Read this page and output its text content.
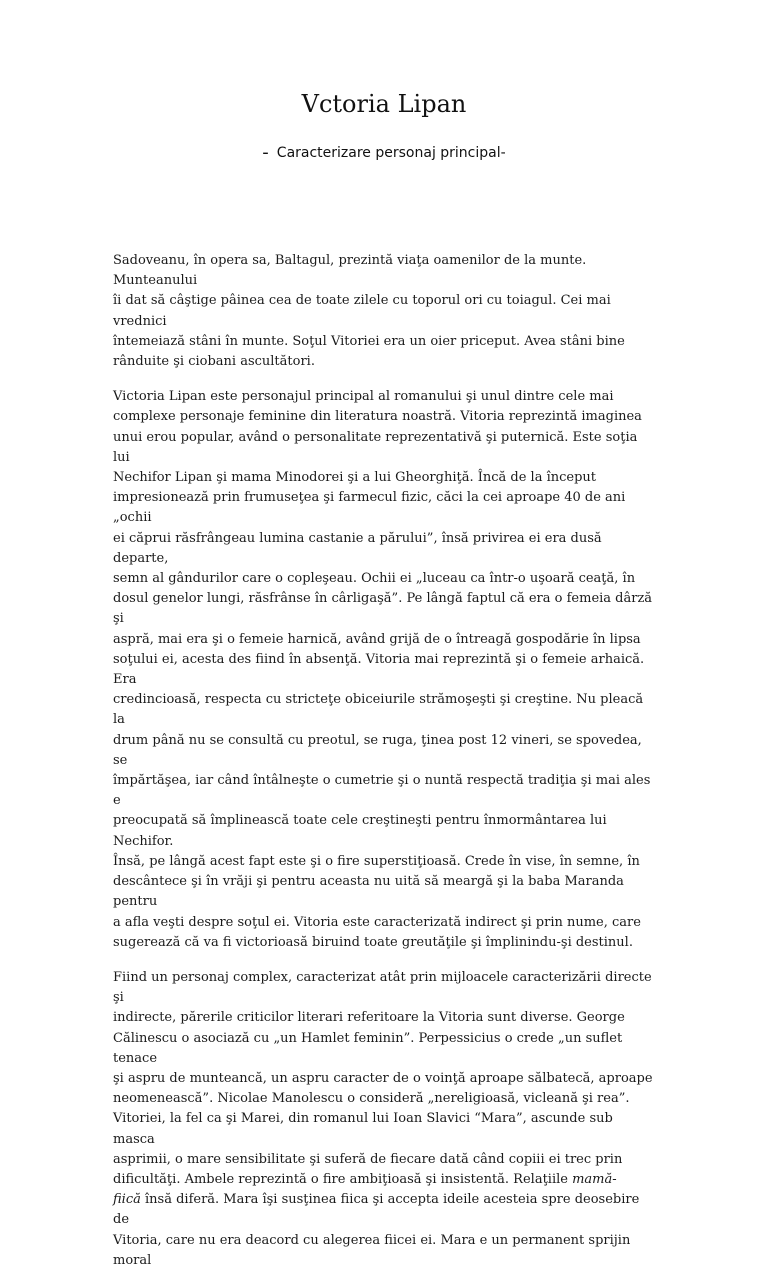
Vctoria Lipan
- Caracterizare personaj principal-

Sadoveanu, în opera sa, Baltagul, prezintă viaţa oamenilor de la munte. Munteanului
îi dat să câştige pâinea cea de toate zilele cu toporul ori cu toiagul. Cei mai vrednici
întemeiază stâni în munte. Soţul Vitoriei era un oier priceput. Avea stâni bine
rânduite şi ciobani ascultători.

Victoria Lipan este personajul principal al romanului şi unul dintre cele mai
complexe personaje feminine din literatura noastră. Vitoria reprezintă imaginea
unui erou popular, având o personalitate reprezentativă şi puternică. Este soţia lui
Nechifor Lipan şi mama Minodorei şi a lui Gheorghiţă. Încă de la început
impresionează prin frumuseţea şi farmecul fizic, căci la cei aproape 40 de ani „ochii
ei căprui răsfrângeau lumina castanie a părului”, însă privirea ei era dusă departe,
semn al gândurilor care o copleşeau. Ochii ei „luceau ca într-o uşoară ceaţă, în
dosul genelor lungi, răsfrânse în cârligaşă”. Pe lângă faptul că era o femeia dârză şi
aspră, mai era şi o femeie harnică, având grijă de o întreagă gospodărie în lipsa
soţului ei, acesta des fiind în absenţă. Vitoria mai reprezintă şi o femeie arhaică. Era
credincioasă, respecta cu stricteţe obiceiurile strămoşeşti şi creştine. Nu pleacă la
drum până nu se consultă cu preotul, se ruga, ţinea post 12 vineri, se spovedea, se
împărtăşea, iar când întâlneşte o cumetrie şi o nuntă respectă tradiţia şi mai ales e
preocupată să împlinească toate cele creştineşti pentru înmormântarea lui Nechifor.
Însă, pe lângă acest fapt este şi o fire superstiţioasă. Crede în vise, în semne, în
descântece şi în vrăji şi pentru aceasta nu uită să meargă şi la baba Maranda pentru
a afla veşti despre soţul ei. Vitoria este caracterizată indirect şi prin nume, care
sugerează că va fi victorioasă biruind toate greutăţile şi împlinindu-şi destinul.

Fiind un personaj complex, caracterizat atât prin mijloacele caracterizării directe şi
indirecte, părerile criticilor literari referitoare la Vitoria sunt diverse. George
Călinescu o asociază cu „un Hamlet feminin”. Perpessicius o crede „un suflet tenace
şi aspru de munteancă, un aspru caracter de o voinţă aproape sălbatecă, aproape
neomenească”. Nicolae Manolescu o consideră „nereligioasă, vicleană şi rea”.
Vitoriei, la fel ca şi Marei, din romanul lui Ioan Slavici “Mara”, ascunde sub masca
asprimii, o mare sensibilitate şi suferă de fiecare dată când copiii ei trec prin
dificultăţi. Ambele reprezintă o fire ambiţioasă şi insistentă. Relaţiile mamă-
fiică însă diferă. Mara îşi susţinea fiica şi accepta ideile acesteia spre deosebire de
Vitoria, care nu era deacord cu alegerea fiicei ei. Mara e un permanent sprijin moral
